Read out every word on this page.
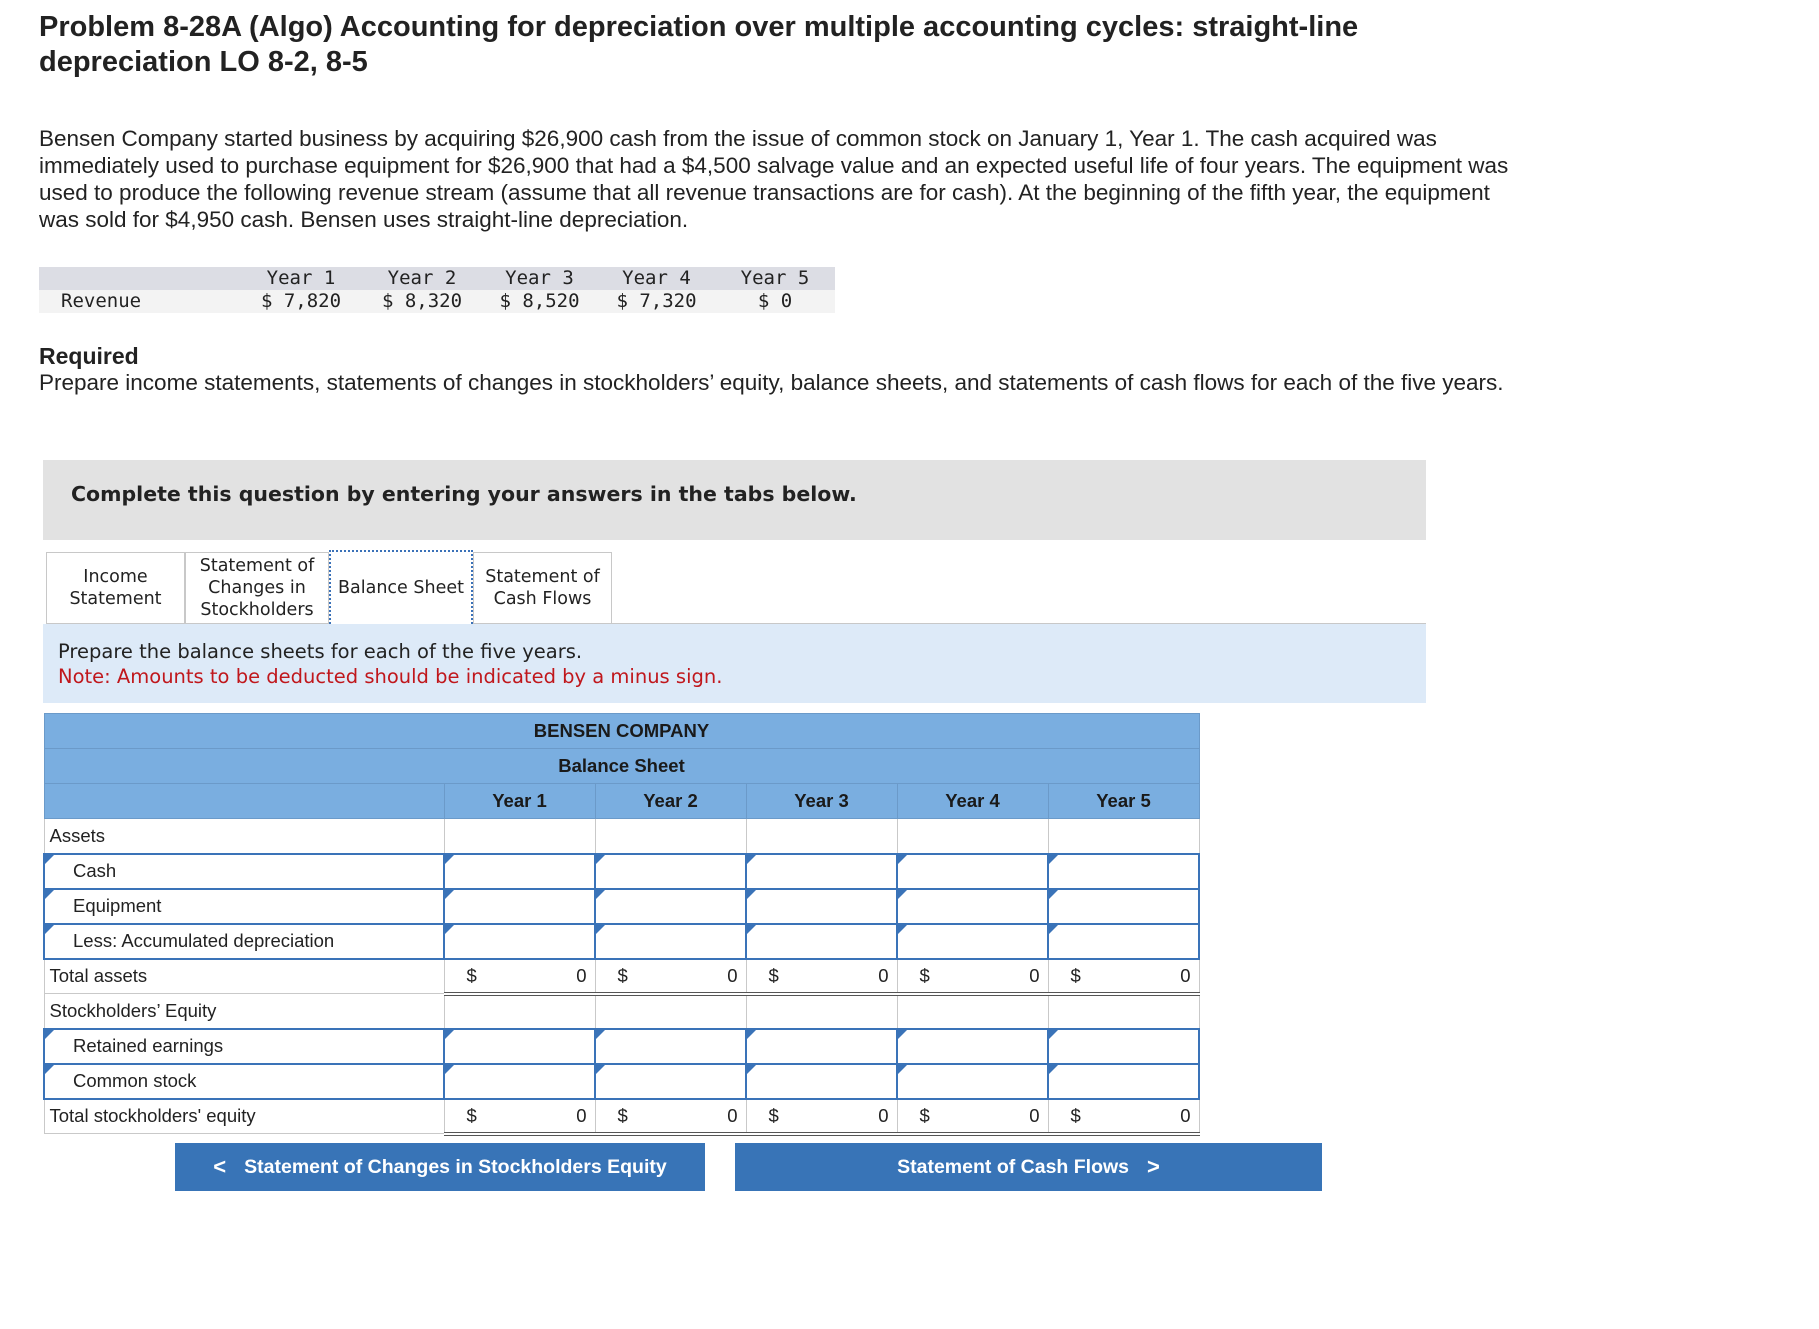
Problem 8-28A (Algo) Accounting for depreciation over multiple accounting cycles: straight-line depreciation LO 8-2, 8-5

Bensen Company started business by acquiring $26,900 cash from the issue of common stock on January 1, Year 1. The cash acquired was immediately used to purchase equipment for $26,900 that had a $4,500 salvage value and an expected useful life of four years. The equipment was used to produce the following revenue stream (assume that all revenue transactions are for cash). At the beginning of the fifth year, the equipment was sold for $4,950 cash. Bensen uses straight-line depreciation.

	Year 1	Year 2	Year 3	Year 4	Year 5
Revenue	$ 7,820	$ 8,320	$ 8,520	$ 7,320	$ 0
Required

Prepare income statements, statements of changes in stockholders’ equity, balance sheets, and statements of cash flows for each of the five years.

Complete this question by entering your answers in the tabs below.
Income
Statement
Statement of
Changes in
Stockholders
Balance Sheet
Statement of
Cash Flows
Prepare the balance sheets for each of the five years.
Note: Amounts to be deducted should be indicated by a minus sign.
BENSEN COMPANY					
Balance Sheet					
	Year 1	Year 2	Year 3	Year 4	Year 5
Assets					

Cash	

Equipment	

Less: Accumulated depreciation	

Total assets	$ 0	$ 0	$ 0	$ 0	$ 0

Stockholders’ Equity					

Retained earnings	

Common stock	

Total stockholders' equity	$ 0	$ 0	$ 0	$ 0	$ 0
< Statement of Changes in Stockholders Equity	Statement of Cash Flows >
